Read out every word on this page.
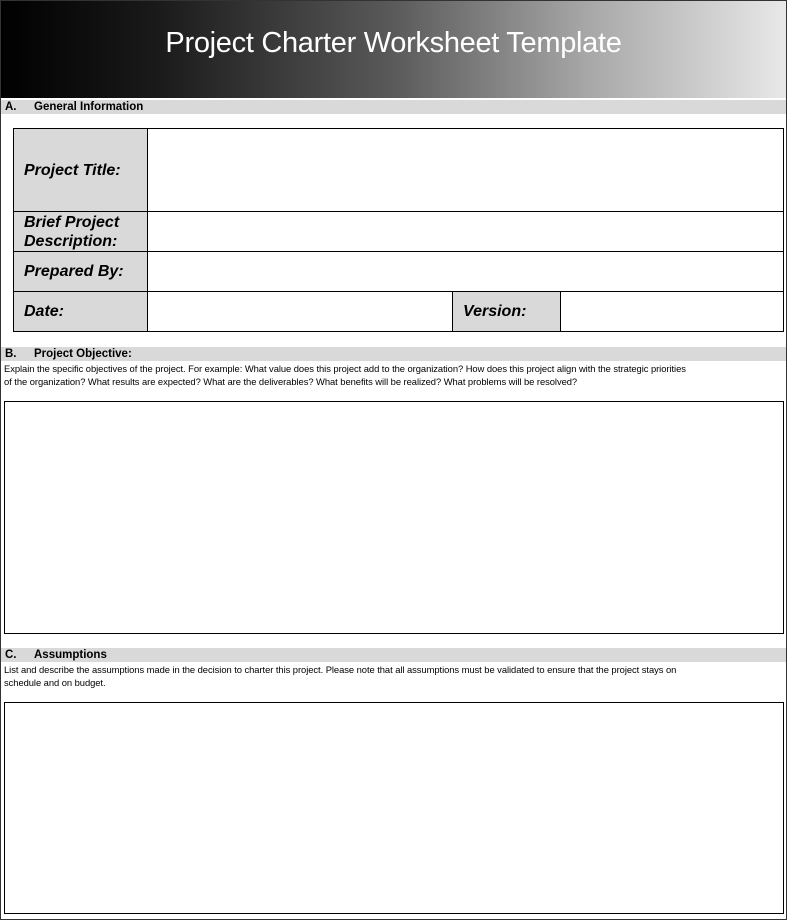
Project Charter Worksheet Template
A. General Information
Project Title:
Brief Project Description:
Prepared By:
Date:	Version:
B. Project Objective:
Explain the specific objectives of the project. For example: What value does this project add to the organization? How does this project align with the strategic priorities
of the organization? What results are expected? What are the deliverables? What benefits will be realized? What problems will be resolved?
C. Assumptions
List and describe the assumptions made in the decision to charter this project. Please note that all assumptions must be validated to ensure that the project stays on
schedule and on budget.
